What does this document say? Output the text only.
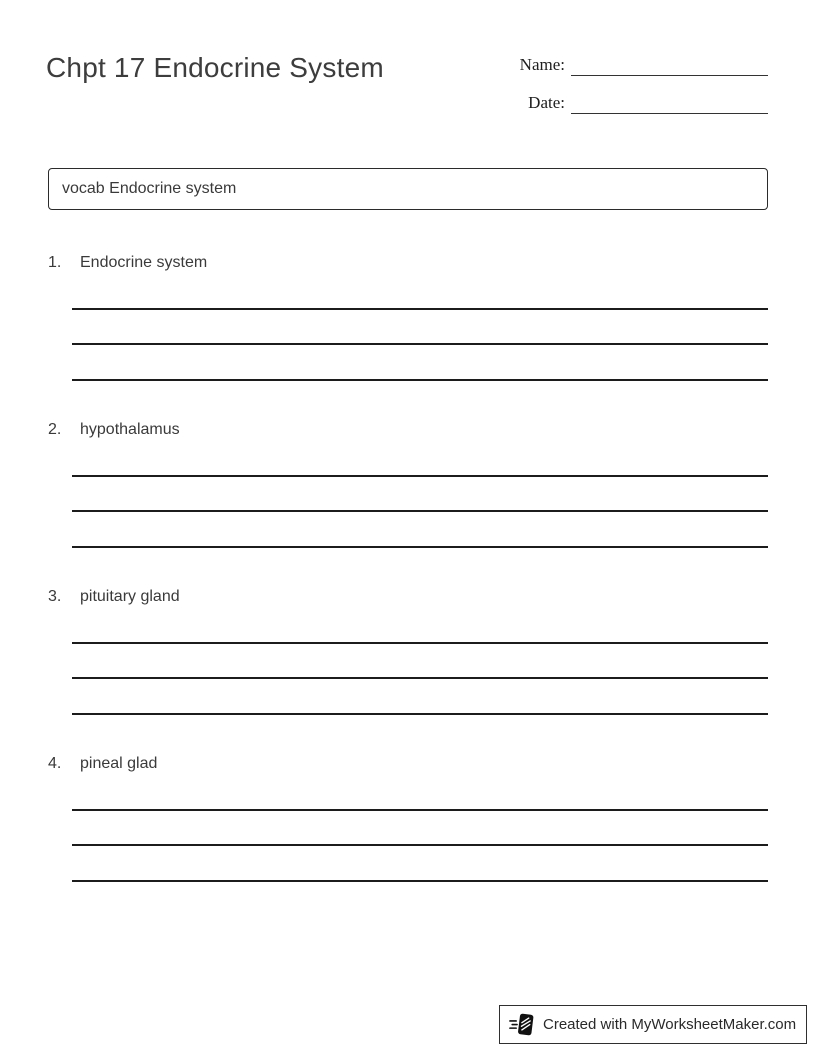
Chpt 17 Endocrine System	Name:
Date:
vocab Endocrine system
1.	Endocrine system
2.	hypothalamus
3.	pituitary gland
4.	pineal glad
Created with MyWorksheetMaker.com
